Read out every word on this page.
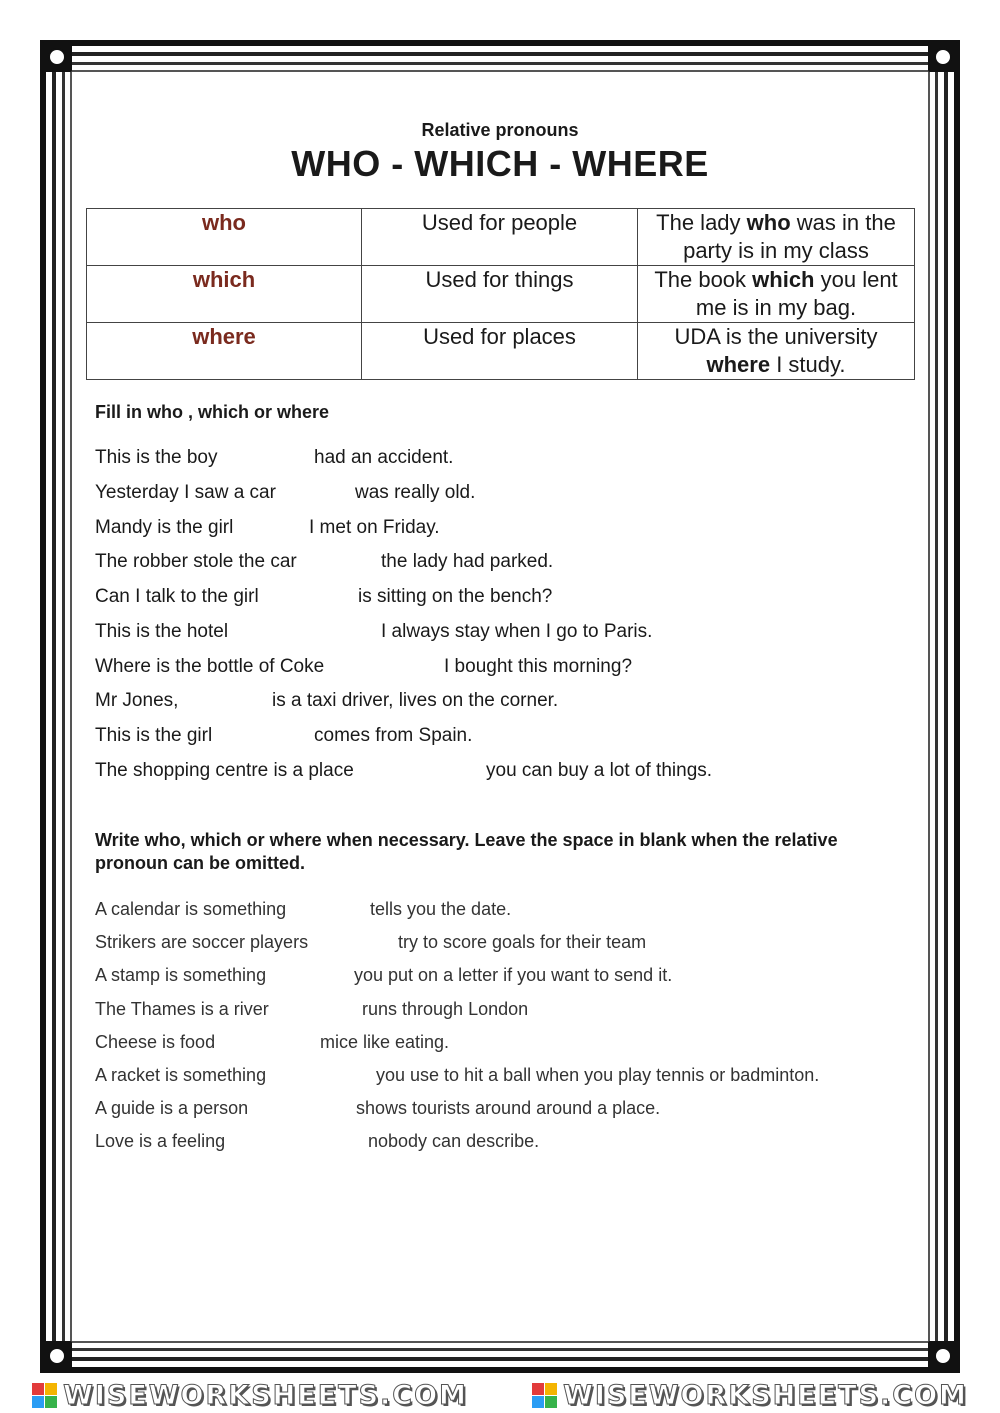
Relative pronouns
WHO - WHICH - WHERE
who	Used for people	The lady who was in the party is in my class
which	Used for things	The book which you lent me is in my bag.
where	Used for places	UDA is the university where I study.
Fill in who , which or where
This is the boy	had an accident.
Yesterday I saw a car	was really old.
Mandy is the girl	I met on Friday.
The robber stole the car	the lady had parked.
Can I talk to the girl	is sitting on the bench?
This is the hotel	I always stay when I go to Paris.
Where is the bottle of Coke	I bought this morning?
Mr Jones,	is a taxi driver, lives on the corner.
This is the girl	comes from Spain.
The shopping centre is a place	you can buy a lot of things.
Write who, which or where when necessary. Leave the space in blank when the relative pronoun can be omitted.
A calendar is something	tells you the date.
Strikers are soccer players	try to score goals for their team
A stamp is something	you put on a letter if you want to send it.
The Thames is a river	runs through London
Cheese is food	mice like eating.
A racket is something	you use to hit a ball when you play tennis or badminton.
A guide is a person	shows tourists around around a place.
Love is a feeling	nobody can describe.
WISEWORKSHEETS.COM	WISEWORKSHEETS.COM
